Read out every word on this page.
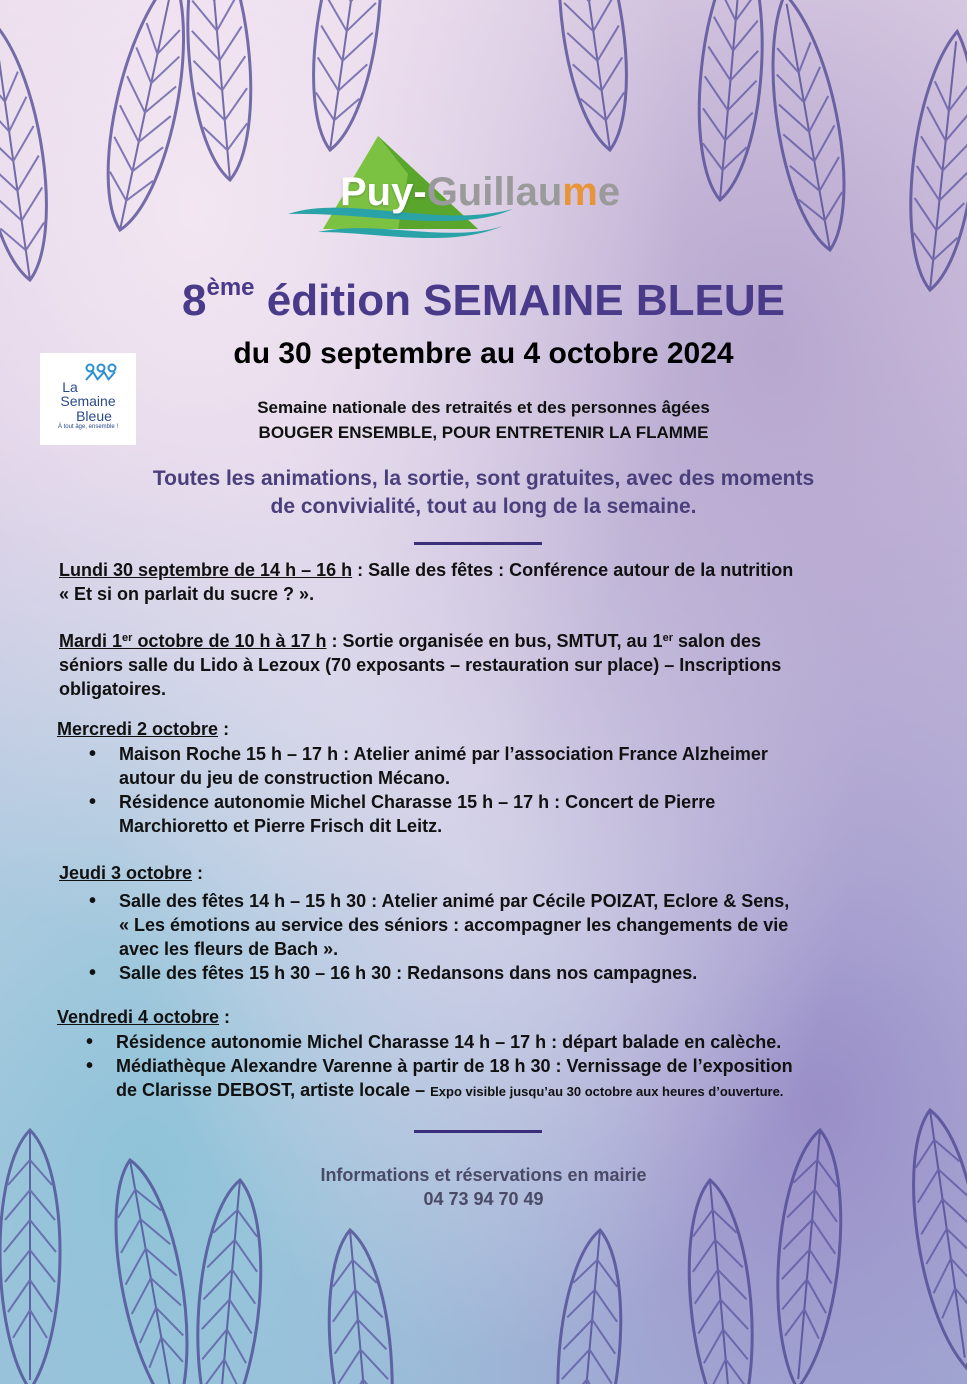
Puy-Guillaume
La
Semaine
Bleue
À tout âge, ensemble !
8ème édition SEMAINE BLEUE
du 30 septembre au 4 octobre 2024
Semaine nationale des retraités et des personnes âgées
BOUGER ENSEMBLE, POUR ENTRETENIR LA FLAMME
Toutes les animations, la sortie, sont gratuites, avec des moments
de convivialité, tout au long de la semaine.
Lundi 30 septembre de 14 h – 16 h : Salle des fêtes : Conférence autour de la nutrition
« Et si on parlait du sucre ? ».
Mardi 1er octobre de 10 h à 17 h : Sortie organisée en bus, SMTUT, au 1er salon des
séniors salle du Lido à Lezoux (70 exposants – restauration sur place) – Inscriptions
obligatoires.
Mercredi 2 octobre :
• Maison Roche 15 h – 17 h : Atelier animé par l’association France Alzheimer
autour du jeu de construction Mécano.
• Résidence autonomie Michel Charasse 15 h – 17 h : Concert de Pierre
Marchioretto et Pierre Frisch dit Leitz.
Jeudi 3 octobre :
• Salle des fêtes 14 h – 15 h 30 : Atelier animé par Cécile POIZAT, Eclore & Sens,
« Les émotions au service des séniors : accompagner les changements de vie
avec les fleurs de Bach ».
• Salle des fêtes 15 h 30 – 16 h 30 : Redansons dans nos campagnes.
Vendredi 4 octobre :
• Résidence autonomie Michel Charasse 14 h – 17 h : départ balade en calèche.
• Médiathèque Alexandre Varenne à partir de 18 h 30 : Vernissage de l’exposition
de Clarisse DEBOST, artiste locale – Expo visible jusqu’au 30 octobre aux heures d’ouverture.
Informations et réservations en mairie
04 73 94 70 49
